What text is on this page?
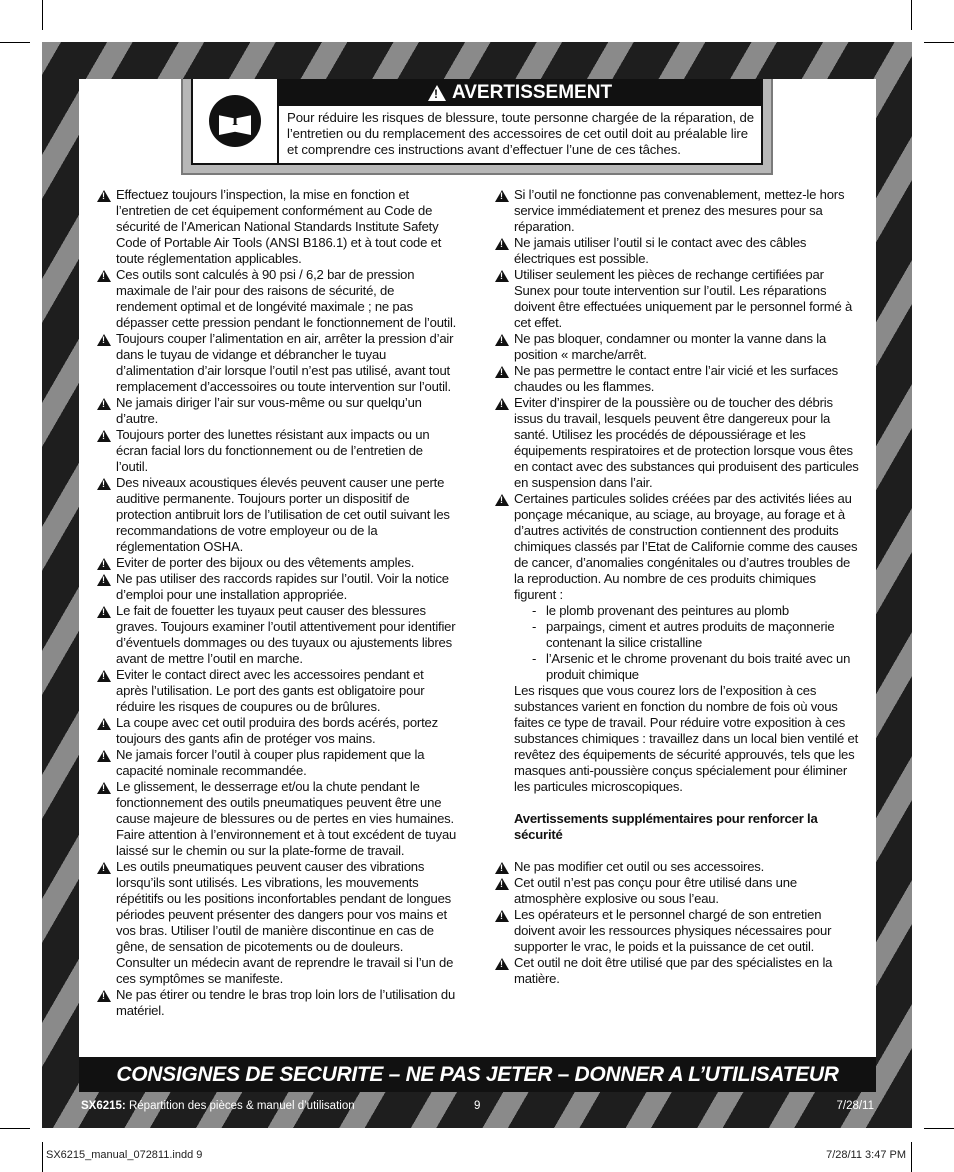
i
!
AVERTISSEMENT
Pour réduire les risques de blessure, toute personne chargée de la réparation, de l’entretien ou du remplacement des accessoires de cet outil doit au préalable lire et comprendre ces instructions avant d’effectuer l’une de ces tâches.

!
Effectuez toujours l’inspection, la mise en fonction et l’entretien de cet équipement conformément au Code de sécurité de l’American National Standards Institute Safety Code of Portable Air Tools (ANSI B186.1) et à tout code et toute réglementation applicables.

!
Ces outils sont calculés à 90 psi / 6,2 bar de pression maximale de l’air pour des raisons de sécurité, de rendement optimal et de longévité maximale ; ne pas dépasser cette pression pendant le fonctionnement de l’outil.

!
Toujours couper l’alimentation en air, arrêter la pression d’air dans le tuyau de vidange et débrancher le tuyau d’alimentation d’air lorsque l’outil n’est pas utilisé, avant tout remplacement d’accessoires ou toute intervention sur l’outil.

!
Ne jamais diriger l’air sur vous-même ou sur quelqu’un d’autre.

!
Toujours porter des lunettes résistant aux impacts ou un écran facial lors du fonctionnement ou de l’entretien de l’outil.

!
Des niveaux acoustiques élevés peuvent causer une perte auditive permanente. Toujours porter un dispositif de protection antibruit lors de l’utilisation de cet outil suivant les recommandations de votre employeur ou de la réglementation OSHA.

!
Eviter de porter des bijoux ou des vêtements amples.

!
Ne pas utiliser des raccords rapides sur l’outil. Voir la notice d’emploi pour une installation appropriée.

!
Le fait de fouetter les tuyaux peut causer des blessures graves. Toujours examiner l’outil attentivement pour identifier d’éventuels dommages ou des tuyaux ou ajustements libres avant de mettre l’outil en marche.

!
Eviter le contact direct avec les accessoires pendant et après l’utilisation. Le port des gants est obligatoire pour réduire les risques de coupures ou de brûlures.

!
La coupe avec cet outil produira des bords acérés, portez toujours des gants afin de protéger vos mains.

!
Ne jamais forcer l’outil à couper plus rapidement que la capacité nominale recommandée.

!
Le glissement, le desserrage et/ou la chute pendant le fonctionnement des outils pneumatiques peuvent être une cause majeure de blessures ou de pertes en vies humaines. Faire attention à l’environnement et à tout excédent de tuyau laissé sur le chemin ou sur la plate-forme de travail.

!
Les outils pneumatiques peuvent causer des vibrations lorsqu’ils sont utilisés. Les vibrations, les mouvements répétitifs ou les positions inconfortables pendant de longues périodes peuvent présenter des dangers pour vos mains et vos bras. Utiliser l’outil de manière discontinue en cas de gêne, de sensation de picotements ou de douleurs. Consulter un médecin avant de reprendre le travail si l’un de ces symptômes se manifeste.

!
Ne pas étirer ou tendre le bras trop loin lors de l’utilisation du matériel.

!
Si l’outil ne fonctionne pas convenablement, mettez-le hors service immédiatement et prenez des mesures pour sa réparation.

!
Ne jamais utiliser l’outil si le contact avec des câbles électriques est possible.

!
Utiliser seulement les pièces de rechange certifiées par Sunex pour toute intervention sur l’outil. Les réparations doivent être effectuées uniquement par le personnel formé à cet effet.

!
Ne pas bloquer, condamner ou monter la vanne dans la position « marche/arrêt.

!
Ne pas permettre le contact entre l’air vicié et les surfaces chaudes ou les flammes.

!
Eviter d’inspirer de la poussière ou de toucher des débris issus du travail, lesquels peuvent être dangereux pour la santé. Utilisez les procédés de dépoussiérage et les équipements respiratoires et de protection lorsque vous êtes en contact avec des substances qui produisent des particules en suspension dans l’air.

!
Certaines particules solides créées par des activités liées au ponçage mécanique, au sciage, au broyage, au forage et à d’autres activités de construction contiennent des produits chimiques classés par l’Etat de Californie comme des causes de cancer, d’anomalies congénitales ou d’autres troubles de la reproduction. Au nombre de ces produits chimiques figurent :

- le plomb provenant des peintures au plomb
- parpaings, ciment et autres produits de maçonnerie contenant la silice cristalline
- l’Arsenic et le chrome provenant du bois traité avec un produit chimique
Les risques que vous courez lors de l’exposition à ces substances varient en fonction du nombre de fois où vous faites ce type de travail. Pour réduire votre exposition à ces substances chimiques : travaillez dans un local bien ventilé et revêtez des équipements de sécurité approuvés, tels que les masques anti-poussière conçus spécialement pour éliminer les particules microscopiques.
Avertissements supplémentaires pour renforcer la sécurité

!
Ne pas modifier cet outil ou ses accessoires.

!
Cet outil n’est pas conçu pour être utilisé dans une atmosphère explosive ou sous l’eau.

!
Les opérateurs et le personnel chargé de son entretien doivent avoir les ressources physiques nécessaires pour supporter le vrac, le poids et la puissance de cet outil.

!
Cet outil ne doit être utilisé que par des spécialistes en la matière.

CONSIGNES DE SECURITE – NE PAS JETER – DONNER A L’UTILISATEUR
SX6215: Répartition des pièces & manuel d’utilisation	9	7/28/11
SX6215_manual_072811.indd 9	7/28/11 3:47 PM
